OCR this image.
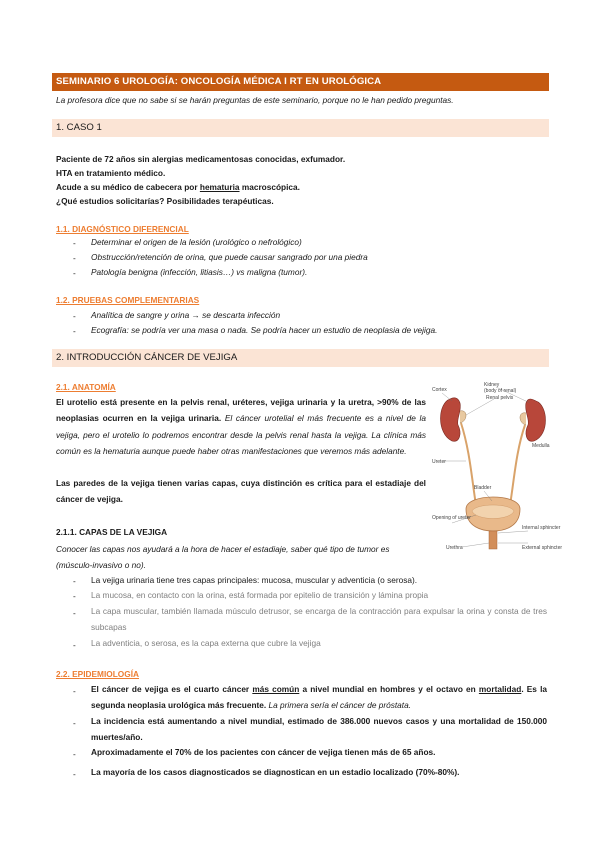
SEMINARIO 6 UROLOGÍA: ONCOLOGÍA MÉDICA I RT EN UROLÓGICA
La profesora dice que no sabe si se harán preguntas de este seminario, porque no le han pedido preguntas.
1. CASO 1
Paciente de 72 años sin alergias medicamentosas conocidas, exfumador.
HTA en tratamiento médico.
Acude a su médico de cabecera por hematuria macroscópica.
¿Qué estudios solicitarías? Posibilidades terapéuticas.
1.1. DIAGNÓSTICO DIFERENCIAL
- Determinar el origen de la lesión (urológico o nefrológico)
- Obstrucción/retención de orina, que puede causar sangrado por una piedra
- Patología benigna (infección, litiasis…) vs maligna (tumor).
1.2. PRUEBAS COMPLEMENTARIAS
- Analítica de sangre y orina → se descarta infección
- Ecografía: se podría ver una masa o nada. Se podría hacer un estudio de neoplasia de vejiga.
2. INTRODUCCIÓN CÁNCER DE VEJIGA
2.1. ANATOMÍA
El urotelio está presente en la pelvis renal, uréteres, vejiga urinaria y la uretra, >90% de las neoplasias ocurren en la vejiga urinaria. El cáncer urotelial el más frecuente es a nivel de la vejiga, pero el urotelio lo podremos encontrar desde la pelvis renal hasta la vejiga. La clínica más común es la hematuria aunque puede haber otras manifestaciones que veremos más adelante.
Las paredes de la vejiga tienen varias capas, cuya distinción es crítica para el estadiaje del cáncer de vejiga.
Kidney
(body of renal)
Renal pelvis
Cortex
Medulla
Ureter
Bladder
Opening of ureter
Urethra
Internal sphincter
External sphincter
2.1.1. CAPAS DE LA VEJIGA
Conocer las capas nos ayudará a la hora de hacer el estadiaje, saber qué tipo de tumor es (músculo-invasivo o no).
- La vejiga urinaria tiene tres capas principales: mucosa, muscular y adventicia (o serosa).
- La mucosa, en contacto con la orina, está formada por epitelio de transición y lámina propia
- La capa muscular, también llamada músculo detrusor, se encarga de la contracción para expulsar la orina y consta de tres subcapas
- La adventicia, o serosa, es la capa externa que cubre la vejiga
2.2. EPIDEMIOLOGÍA
- El cáncer de vejiga es el cuarto cáncer más común a nivel mundial en hombres y el octavo en mortalidad. Es la segunda neoplasia urológica más frecuente. La primera sería el cáncer de próstata.
- La incidencia está aumentando a nivel mundial, estimado de 386.000 nuevos casos y una mortalidad de 150.000 muertes/año.
- Aproximadamente el 70% de los pacientes con cáncer de vejiga tienen más de 65 años.
- La mayoría de los casos diagnosticados se diagnostican en un estadio localizado (70%-80%).
